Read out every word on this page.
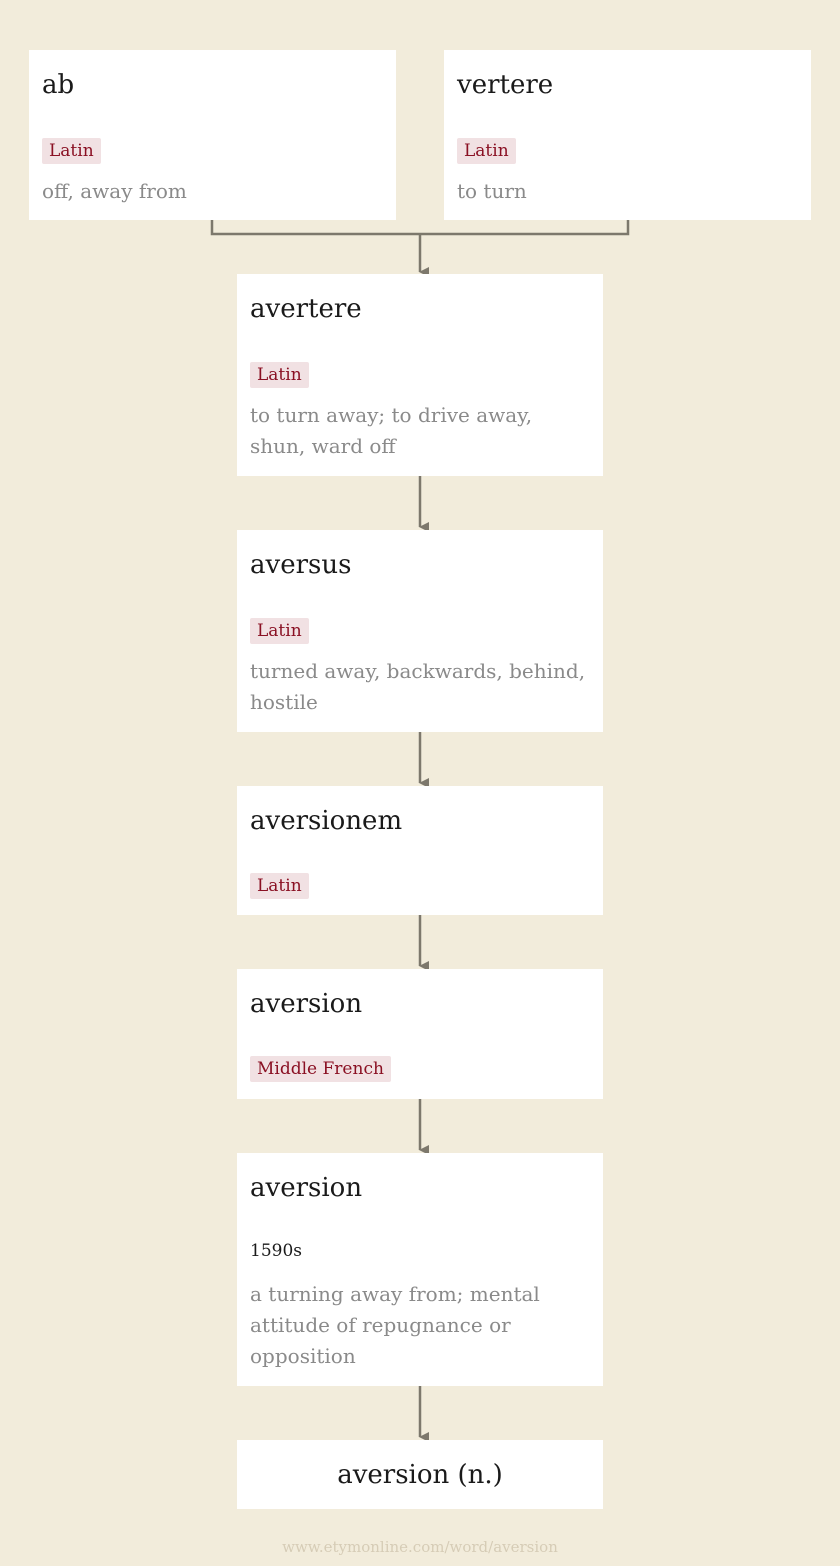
ab
Latin
off, away from
vertere
Latin
to turn
avertere
Latin
to turn away; to drive away, shun, ward off
aversus
Latin
turned away, backwards, behind, hostile
aversionem
Latin
aversion
Middle French
aversion
1590s
a turning away from; mental attitude of repugnance or opposition
aversion (n.)
www.etymonline.com/word/aversion
